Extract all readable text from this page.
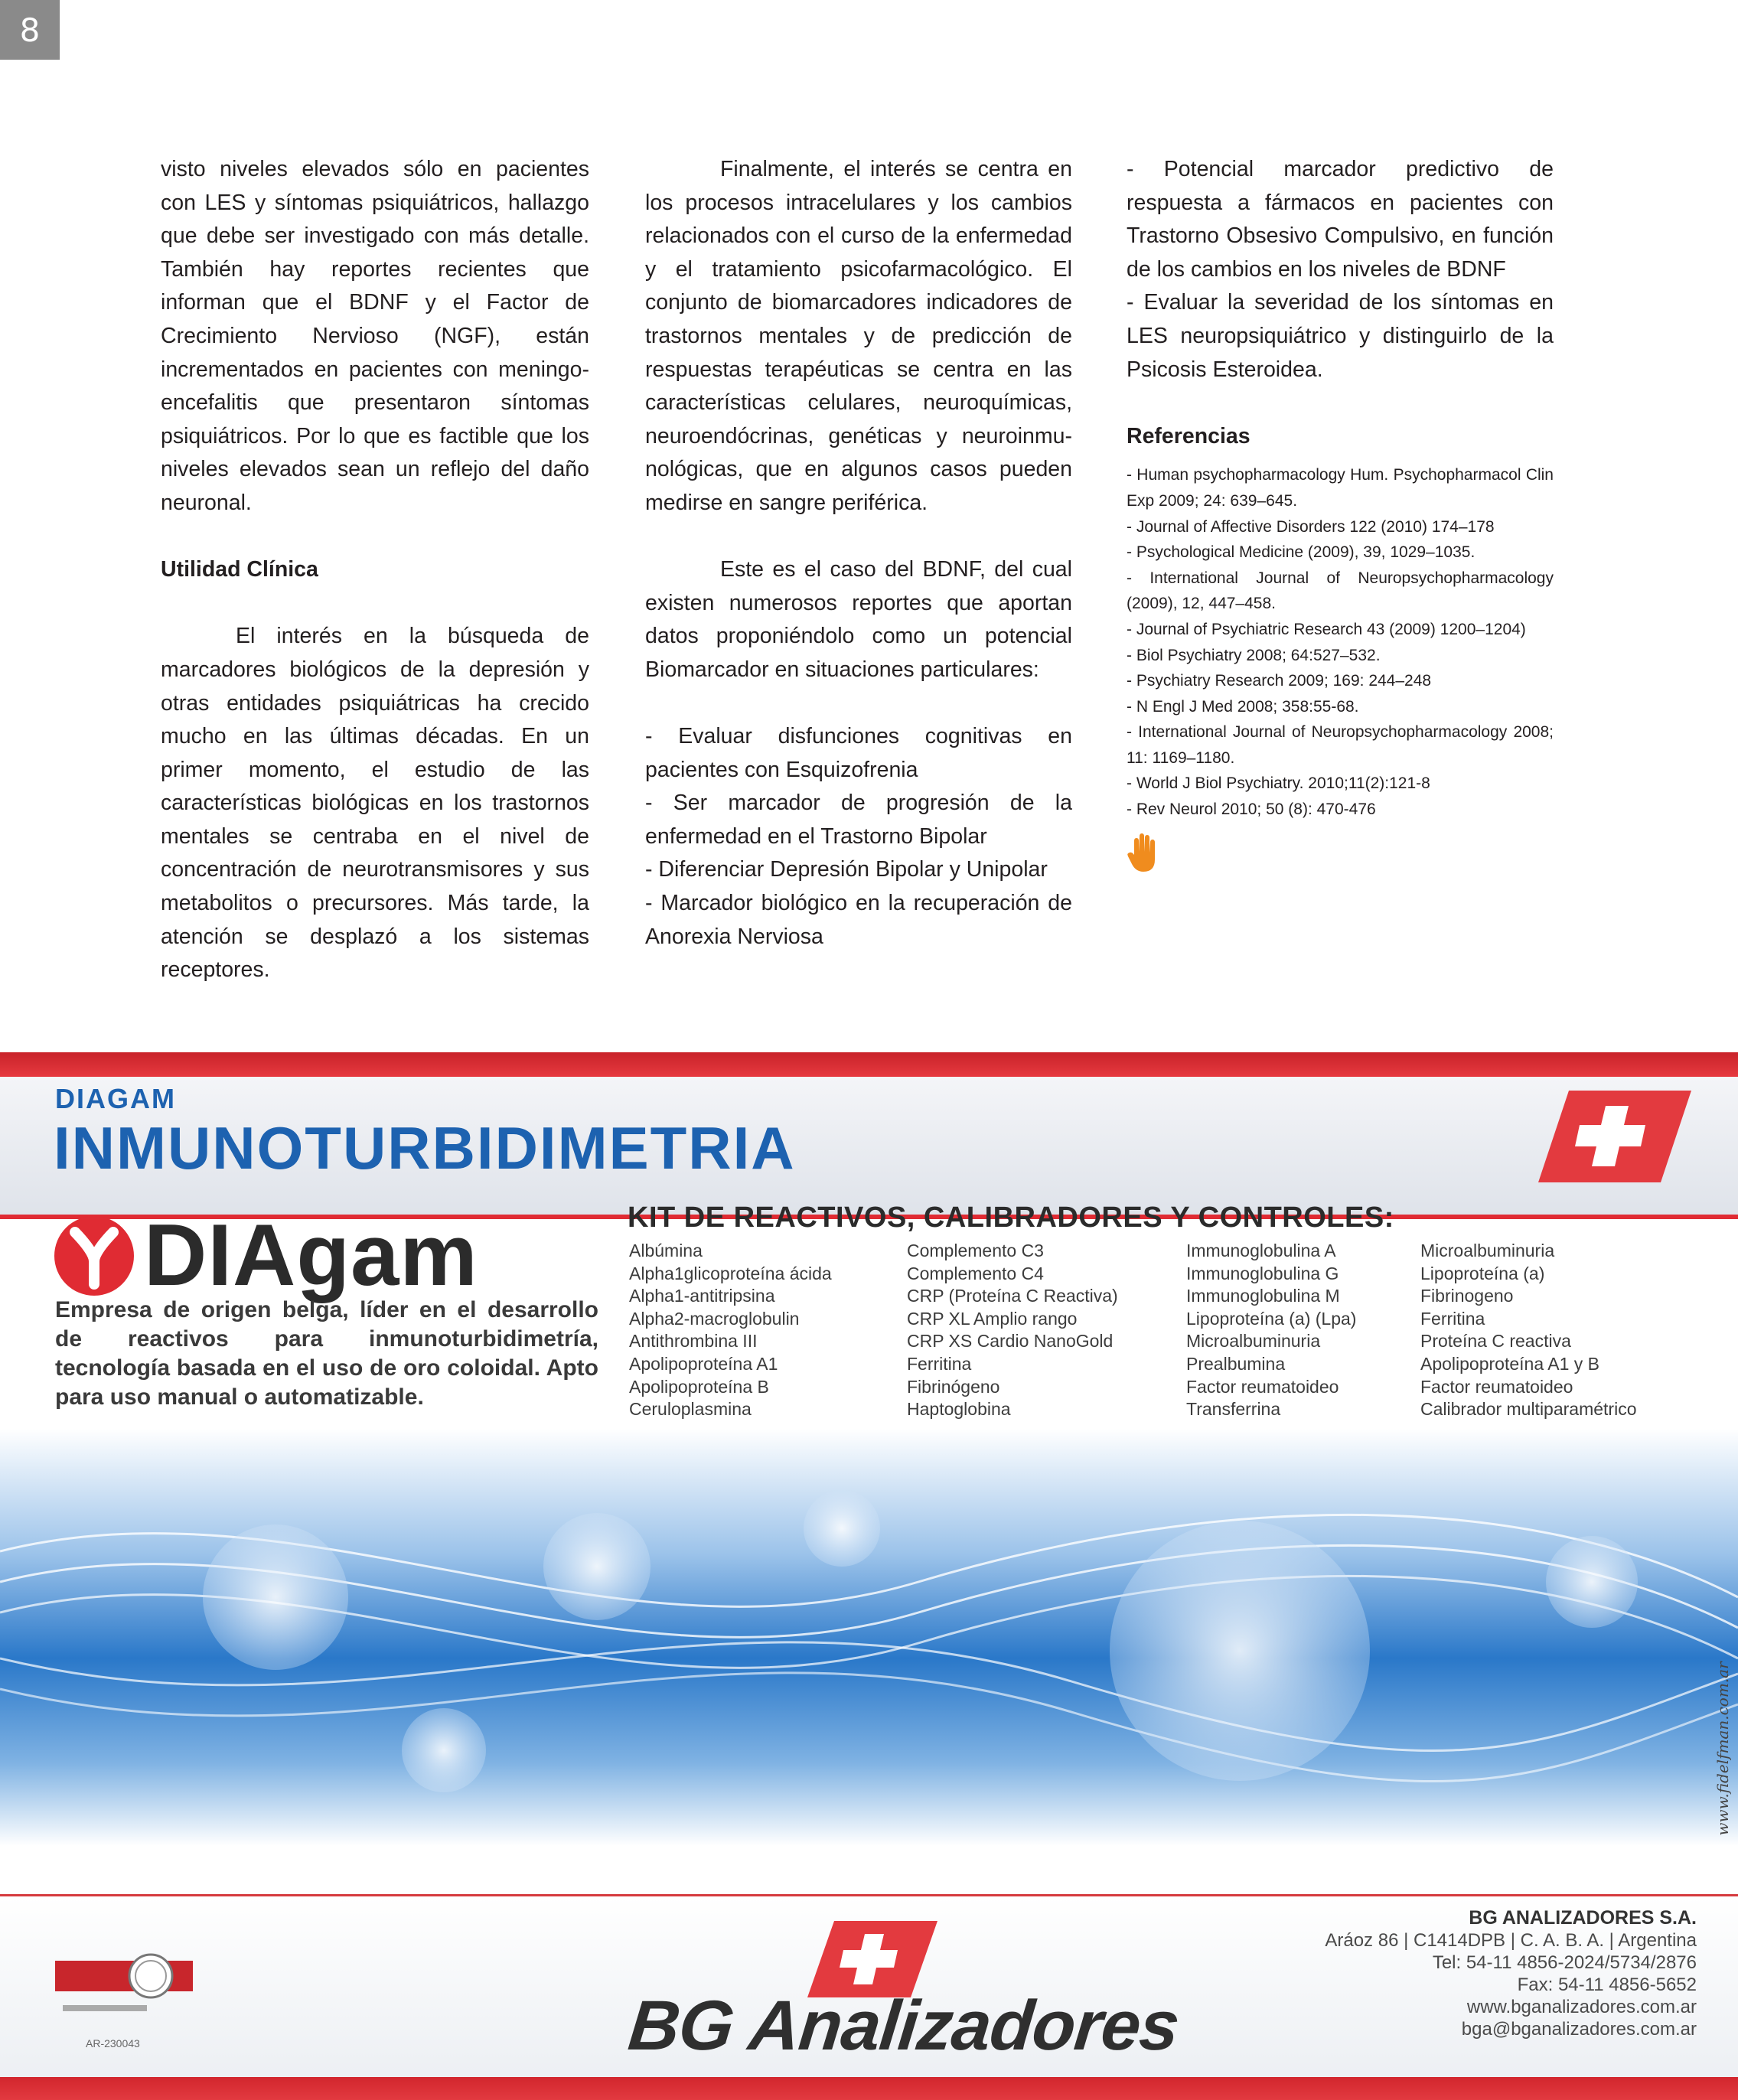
8

visto niveles elevados sólo en pacientes con LES y síntomas psiquiátricos, hallazgo que debe ser investigado con más detalle. También hay reportes recientes que informan que el BDNF y el Factor de Crecimiento Nervioso (NGF), están incrementados en pacientes con meningo-encefalitis que presentaron síntomas psiquiátricos. Por lo que es factible que los niveles elevados sean un reflejo del daño neuronal.

Utilidad Clínica

El interés en la búsqueda de marcadores biológicos de la depresión y otras entidades psiquiátricas ha crecido mucho en las últimas décadas. En un primer momento, el estudio de las características biológicas en los trastornos mentales se centraba en el nivel de concentración de neurotransmisores y sus metabolitos o precursores. Más tarde, la atención se desplazó a los sistemas receptores.

Finalmente, el interés se centra en los procesos intracelulares y los cambios relacionados con el curso de la enfermedad y el tratamiento psicofarmacológico. El conjunto de biomarcadores indicadores de trastornos mentales y de predicción de respuestas terapéuticas se centra en las características celulares, neuroquímicas, neuroendócrinas, genéticas y neuroinmu-nológicas, que en algunos casos pueden medirse en sangre periférica.

Este es el caso del BDNF, del cual existen numerosos reportes que aportan datos proponiéndolo como un potencial Biomarcador en situaciones particulares:

- Evaluar disfunciones cognitivas en pacientes con Esquizofrenia

- Ser marcador de progresión de la enfermedad en el Trastorno Bipolar

- Diferenciar Depresión Bipolar y Unipolar

- Marcador biológico en la recuperación de Anorexia Nerviosa

- Potencial marcador predictivo de respuesta a fármacos en pacientes con Trastorno Obsesivo Compulsivo, en función de los cambios en los niveles de BDNF

- Evaluar la severidad de los síntomas en LES neuropsiquiátrico y distinguirlo de la Psicosis Esteroidea.

Referencias

- Human psychopharmacology Hum. Psychopharmacol Clin Exp 2009; 24: 639–645.
- Journal of Affective Disorders 122 (2010) 174–178
- Psychological Medicine (2009), 39, 1029–1035.
- International Journal of Neuropsychopharmacology (2009), 12, 447–458.
- Journal of Psychiatric Research 43 (2009) 1200–1204)
- Biol Psychiatry 2008; 64:527–532.
- Psychiatry Research 2009; 169: 244–248
- N Engl J Med 2008; 358:55-68.
- International Journal of Neuropsychopharmacology 2008; 11: 1169–1180.
- World J Biol Psychiatry. 2010;11(2):121-8
- Rev Neurol 2010; 50 (8): 470-476
DIAGAM
INMUNOTURBIDIMETRIA
DIAgam
Empresa de origen belga, líder en el desarrollo de reactivos para inmunoturbidimetría, tecnología basada en el uso de oro coloidal. Apto para uso manual o automatizable.
KIT DE REACTIVOS, CALIBRADORES Y CONTROLES:
Albúmina
Alpha1glicoproteína ácida
Alpha1-antitripsina
Alpha2-macroglobulin
Antithrombina III
Apolipoproteína A1
Apolipoproteína B
Ceruloplasmina
Complemento C3
Complemento C4
CRP (Proteína C Reactiva)
CRP XL Amplio rango
CRP XS Cardio NanoGold
Ferritina
Fibrinógeno
Haptoglobina
Immunoglobulina A
Immunoglobulina G
Immunoglobulina M
Lipoproteína (a) (Lpa)
Microalbuminuria
Prealbumina
Factor reumatoideo
Transferrina
Microalbuminuria
Lipoproteína (a)
Fibrinogeno
Ferritina
Proteína C reactiva
Apolipoproteína A1 y B
Factor reumatoideo
Calibrador multiparamétrico
www.fidelfman.com.ar
AR-230043	BG Analizadores
BG ANALIZADORES S.A.
Aráoz 86 | C1414DPB | C. A. B. A. | Argentina
Tel: 54-11 4856-2024/5734/2876
Fax: 54-11 4856-5652
www.bganalizadores.com.ar
bga@bganalizadores.com.ar
